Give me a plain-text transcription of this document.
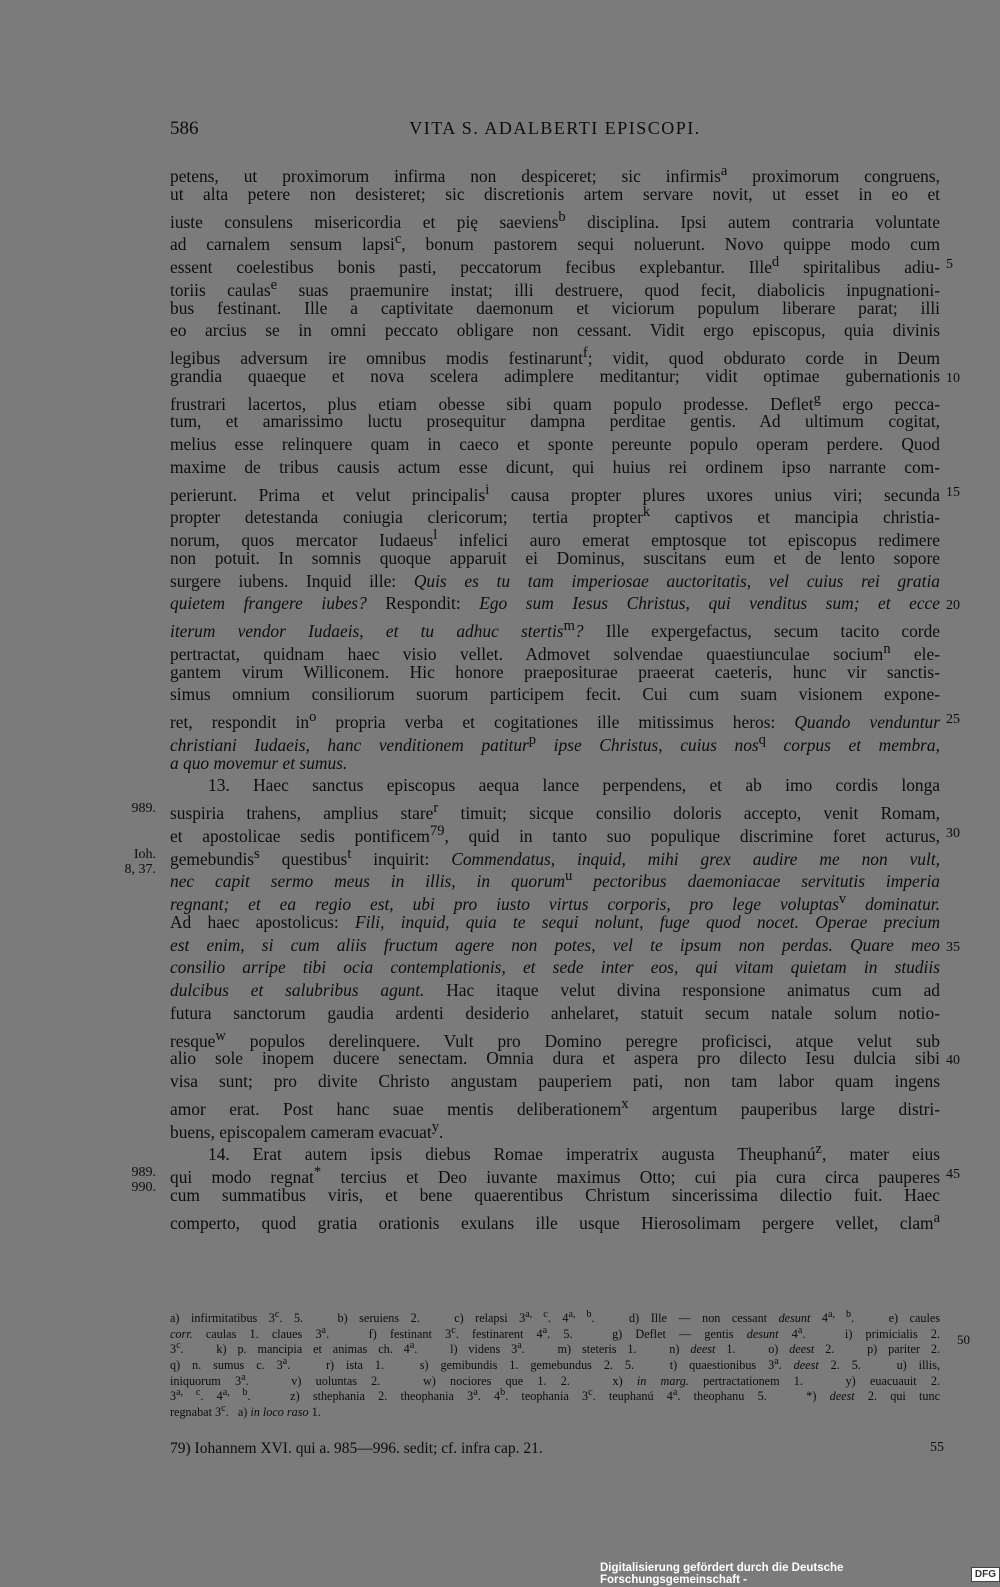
586	VITA S. ADALBERTI EPISCOPI.
petens, ut proximorum infirma non despiceret; sic infirmis$^a$ proximorum congruens,
ut alta petere non desisteret; sic discretionis artem servare novit, ut esset in eo et
iuste consulens misericordia et pię saeviens$^b$ disciplina. Ipsi autem contraria voluntate
ad carnalem sensum lapsi$^c$, bonum pastorem sequi noluerunt. Novo quippe modo cum
essent coelestibus bonis pasti, peccatorum fecibus explebantur. Ille$^d$ spiritalibus adiu-
toriis caulas$^e$ suas praemunire instat; illi destruere, quod fecit, diabolicis inpugnationi-
bus festinant. Ille a captivitate daemonum et viciorum populum liberare parat; illi
eo arcius se in omni peccato obligare non cessant. Vidit ergo episcopus, quia divinis
legibus adversum ire omnibus modis festinarunt$^f$; vidit, quod obdurato corde in Deum
grandia quaeque et nova scelera adimplere meditantur; vidit optimae gubernationis
frustrari lacertos, plus etiam obesse sibi quam populo prodesse. Deflet$^g$ ergo pecca-
tum, et amarissimo luctu prosequitur dampna perditae gentis. Ad ultimum cogitat,
melius esse relinquere quam in caeco et sponte pereunte populo operam perdere. Quod
maxime de tribus causis actum esse dicunt, qui huius rei ordinem ipso narrante com-
perierunt. Prima et velut principalis$^i$ causa propter plures uxores unius viri; secunda
propter detestanda coniugia clericorum; tertia propter$^k$ captivos et mancipia christia-
norum, quos mercator Iudaeus$^l$ infelici auro emerat emptosque tot episcopus redimere
non potuit. In somnis quoque apparuit ei Dominus, suscitans eum et de lento sopore
surgere iubens. Inquid ille: Quis es tu tam imperiosae auctoritatis, vel cuius rei gratia
quietem frangere iubes? Respondit: Ego sum Iesus Christus, qui venditus sum; et ecce
iterum vendor Iudaeis, et tu adhuc stertis$^m$? Ille expergefactus, secum tacito corde
pertractat, quidnam haec visio vellet. Admovet solvendae quaestiunculae socium$^n$ ele-
gantem virum Williconem. Hic honore praepositurae praeerat caeteris, hunc vir sanctis-
simus omnium consiliorum suorum participem fecit. Cui cum suam visionem expone-
ret, respondit $in^o$ propria verba et cogitationes ille mitissimus heros: Quando venduntur
christiani Iudaeis, hanc venditionem patitur$^p$ ipse Christus, cuius nos$^q$ corpus et membra,
a quo movemur et sumus.
13. Haec sanctus episcopus aequa lance perpendens, et ab imo cordis longa
suspiria trahens, amplius stare$^r$ timuit; sicque consilio doloris accepto, venit Romam,
et apostolicae sedis pontificem$^{79}$, quid in tanto suo populique discrimine foret acturus,
gemebundis$^s$ questibus$^t$ inquirit: Commendatus, inquid, mihi grex audire me non vult,
nec capit sermo meus in illis, in quorum$^u$ pectoribus daemoniacae servitutis imperia
regnant; et ea regio est, ubi pro iusto virtus corporis, pro lege voluptas$^v$ dominatur.
Ad haec apostolicus: Fili, inquid, quia te sequi nolunt, fuge quod nocet. Operae precium
est enim, si cum aliis fructum agere non potes, vel te ipsum non perdas. Quare meo
consilio arripe tibi ocia contemplationis, et sede inter eos, qui vitam quietam in studiis
dulcibus et salubribus agunt. Hac itaque velut divina responsione animatus cum ad
futura sanctorum gaudia ardenti desiderio anhelaret, statuit secum natale solum notio-
resque$^w$ populos derelinquere. Vult pro Domino peregre proficisci, atque velut sub
alio sole inopem ducere senectam. Omnia dura et aspera pro dilecto Iesu dulcia sibi
visa sunt; pro divite Christo angustam pauperiem pati, non tam labor quam ingens
amor erat. Post hanc suae mentis deliberationem$^x$ argentum pauperibus large distri-
buens, episcopalem cameram evacuat$^y$.
14. Erat autem ipsis diebus Romae imperatrix augusta Theuphanú$^z$, mater eius
qui modo regnat* tercius et Deo iuvante maximus Otto; cui pia cura circa pauperes
cum summatibus viris, et bene quaerentibus Christum sincerissima dilectio fuit. Haec
comperto, quod gratia orationis exulans ille usque Hierosolimam pergere vellet, clam$^a$
5
10
15
20
25
30
35
40
45
50
a) infirmitatibus 3$^c$. 5.   b) seruiens 2.   c) relapsi 3$^{a, c}$. 4$^{a, b}$.   d) Ille — non cessant desunt 4$^{a, b}$.   e) caules
corr. caulas 1. claues 3$^a$.   f) festinant 3$^c$. festinarent 4$^a$. 5.   g) Deflet — gentis desunt 4$^a$.   i) primicialis 2.
3$^c$.   k) p. mancipia et animas ch. 4$^a$.   l) videns 3$^a$.   m) steteris 1.   n) deest 1.   o) deest 2.   p) pariter 2.
q) n. sumus c. 3$^a$.   r) ista 1.   s) gemibundis 1. gemebundus 2. 5.   t) quaestionibus 3$^a$. deest 2. 5.   u) illis,
iniquorum 3$^a$.   v) uoluntas 2.   w) nociores que 1. 2.   x) in marg. pertractationem 1.   y) euacuauit 2.
3$^{a, c}$. 4$^{a, b}$.   z) sthephania 2. theophania 3$^a$. 4$^b$. teophania 3$^c$. teuphanú 4$^a$. theophanu 5.   *) deest 2. qui tunc
regnabat 3$^c$.   a) in loco raso 1.
79) Iohannem XVI. qui a. 985—996. sedit; cf. infra cap. 21.	55
Digitalisierung gefördert durch die Deutsche Forschungsgemeinschaft -	DFG
989.
Ioh.
8, 37.
989.
990.
